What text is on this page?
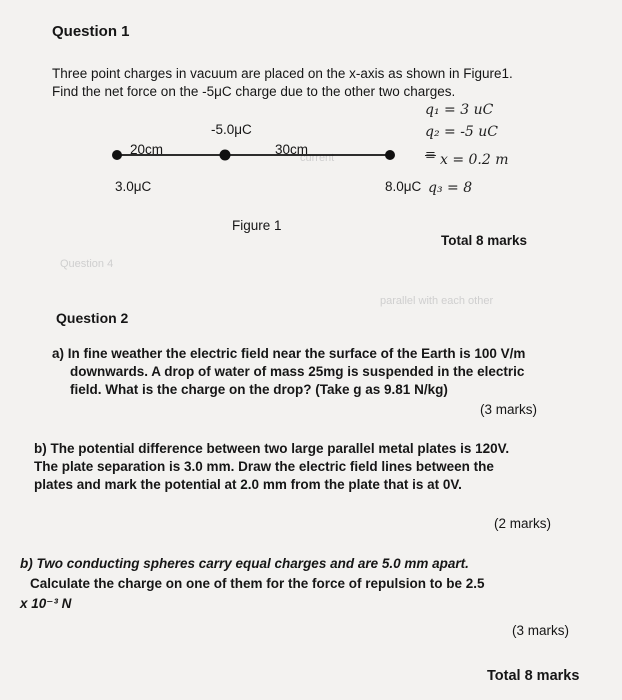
Question 4
current
parallel with each other
Question 1
Three point charges in vacuum are placed on the x-axis as shown in Figure1.
Find the net force on the -5μC charge due to the other two charges.
-5.0μC
20cm	30cm
3.0μC	8.0μC
Figure 1
q₁ = 3 uC
q₂ = -5 uC
≡ x = 0.2 m
q₃ = 8
Total 8 marks
Question 2
a) In fine weather the electric field near the surface of the Earth is 100 V/m
downwards. A drop of water of mass 25mg is suspended in the electric
field. What is the charge on the drop? (Take g as 9.81 N/kg)
(3 marks)
b) The potential difference between two large parallel metal plates is 120V.
The plate separation is 3.0 mm. Draw the electric field lines between the
plates and mark the potential at 2.0 mm from the plate that is at 0V.
(2 marks)
b) Two conducting spheres carry equal charges and are 5.0 mm apart.
Calculate the charge on one of them for the force of repulsion to be 2.5
x 10⁻³ N
(3 marks)
Total 8 marks
